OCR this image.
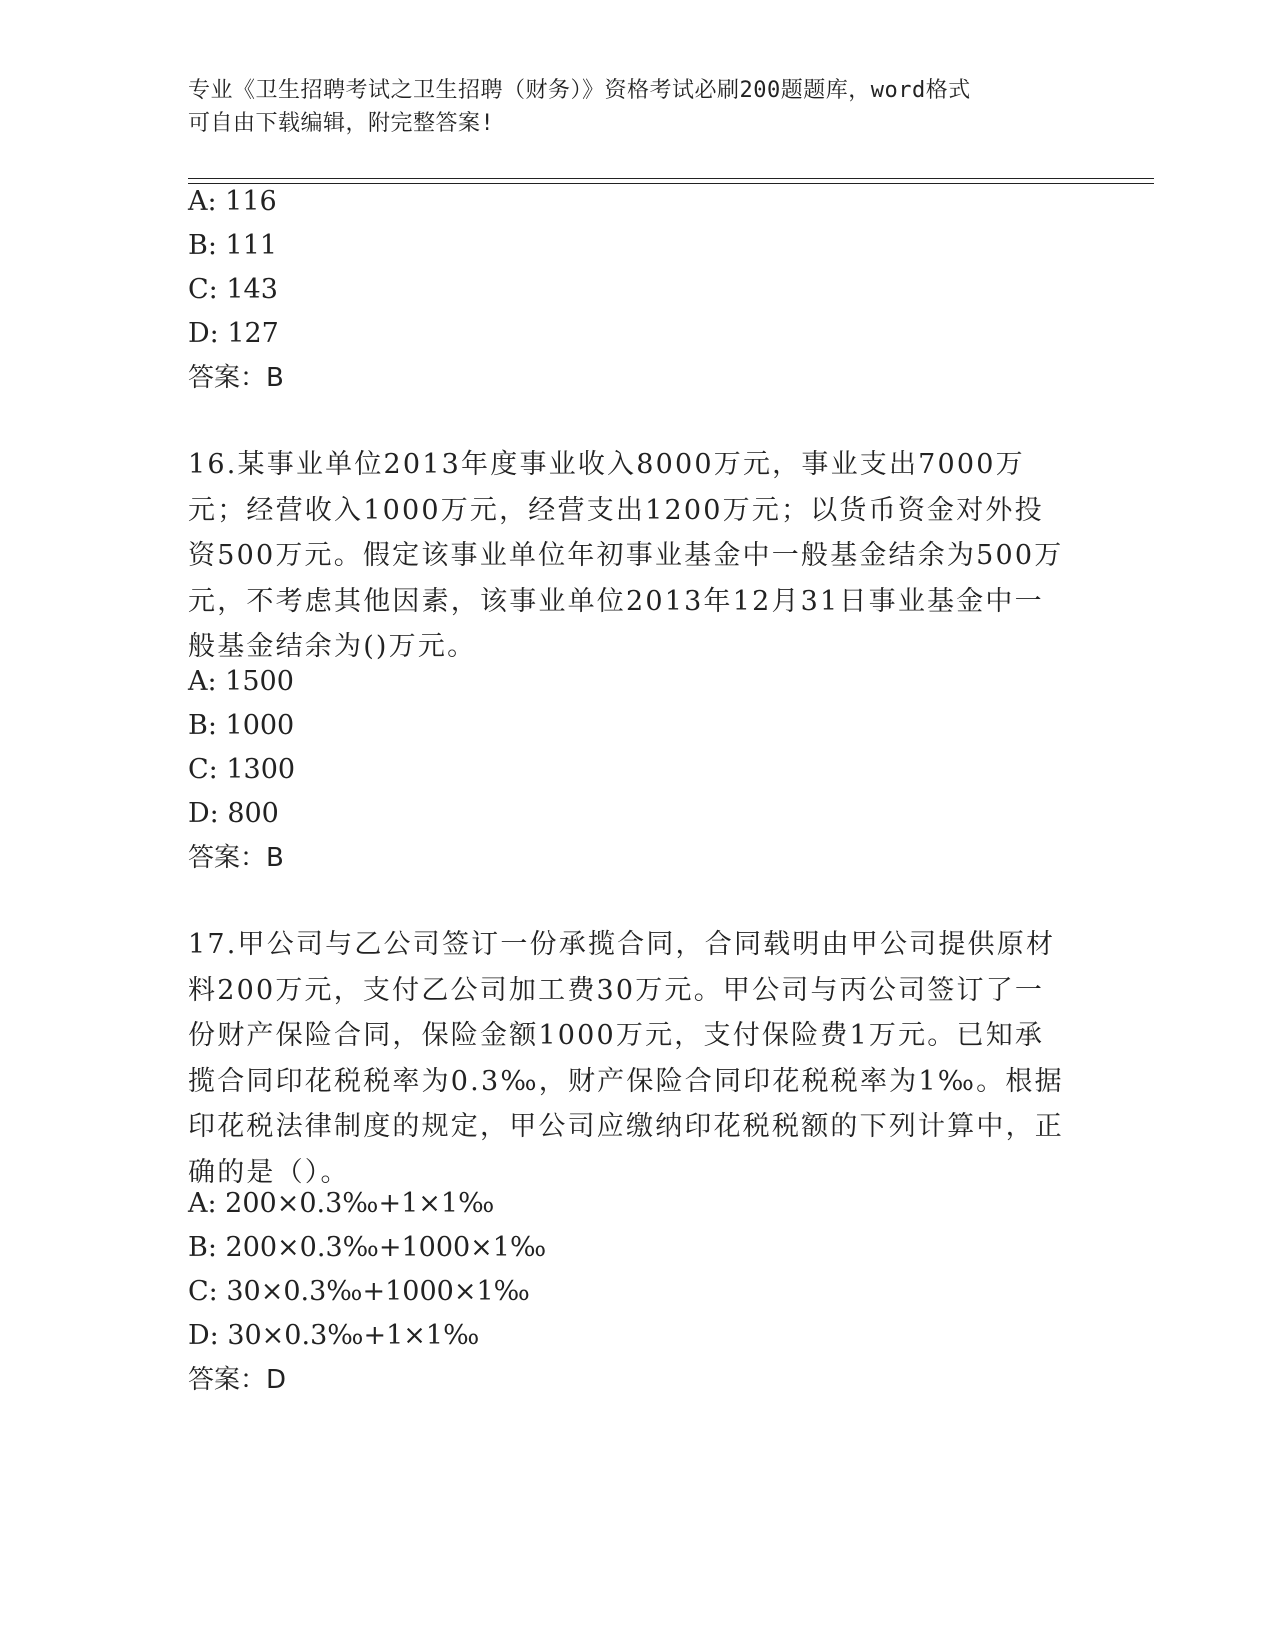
专业《卫生招聘考试之卫生招聘（财务）》资格考试必刷200题题库，word格式
可自由下载编辑，附完整答案!
A: 116
B: 111
C: 143
D: 127
答案：B
16.某事业单位2013年度事业收入8000万元，事业支出7000万元；经营收入1000万元，经营支出1200万元；以货币资金对外投资500万元。假定该事业单位年初事业基金中一般基金结余为500万元，不考虑其他因素，该事业单位2013年12月31日事业基金中一般基金结余为()万元。
A: 1500
B: 1000
C: 1300
D: 800
答案：B
17.甲公司与乙公司签订一份承揽合同，合同载明由甲公司提供原材料200万元，支付乙公司加工费30万元。甲公司与丙公司签订了一份财产保险合同，保险金额1000万元，支付保险费1万元。已知承揽合同印花税税率为0.3‰，财产保险合同印花税税率为1‰。根据印花税法律制度的规定，甲公司应缴纳印花税税额的下列计算中，正确的是（）。
A: 200×0.3‰+1×1‰
B: 200×0.3‰+1000×1‰
C: 30×0.3‰+1000×1‰
D: 30×0.3‰+1×1‰
答案：D
